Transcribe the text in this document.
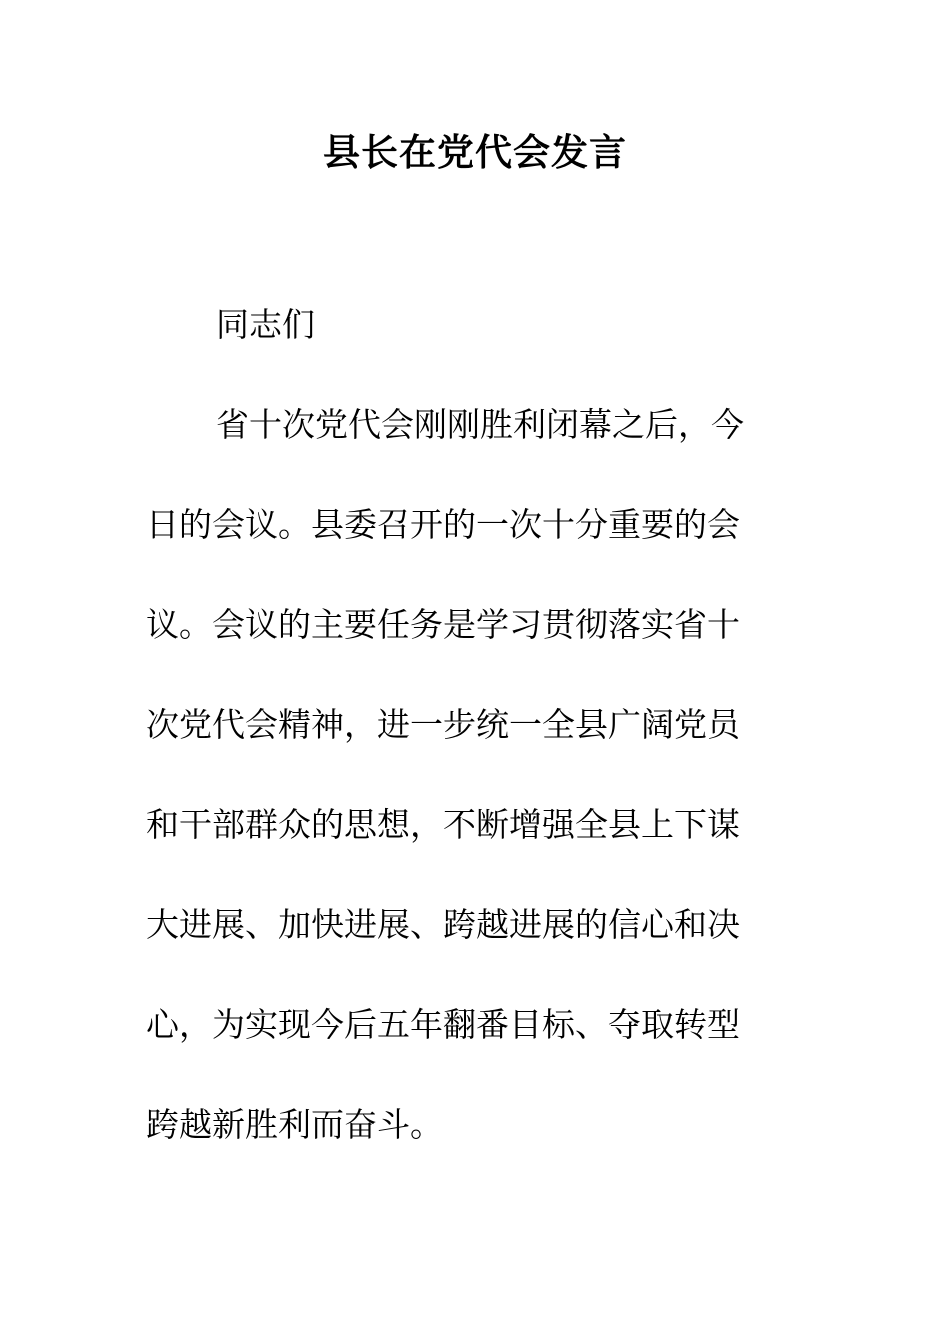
县长在党代会发言
同志们
省十次党代会刚刚胜利闭幕之后，今
日的会议。县委召开的一次十分重要的会
议。会议的主要任务是学习贯彻落实省十
次党代会精神，进一步统一全县广阔党员
和干部群众的思想，不断增强全县上下谋
大进展、加快进展、跨越进展的信心和决
心，为实现今后五年翻番目标、夺取转型
跨越新胜利而奋斗。
